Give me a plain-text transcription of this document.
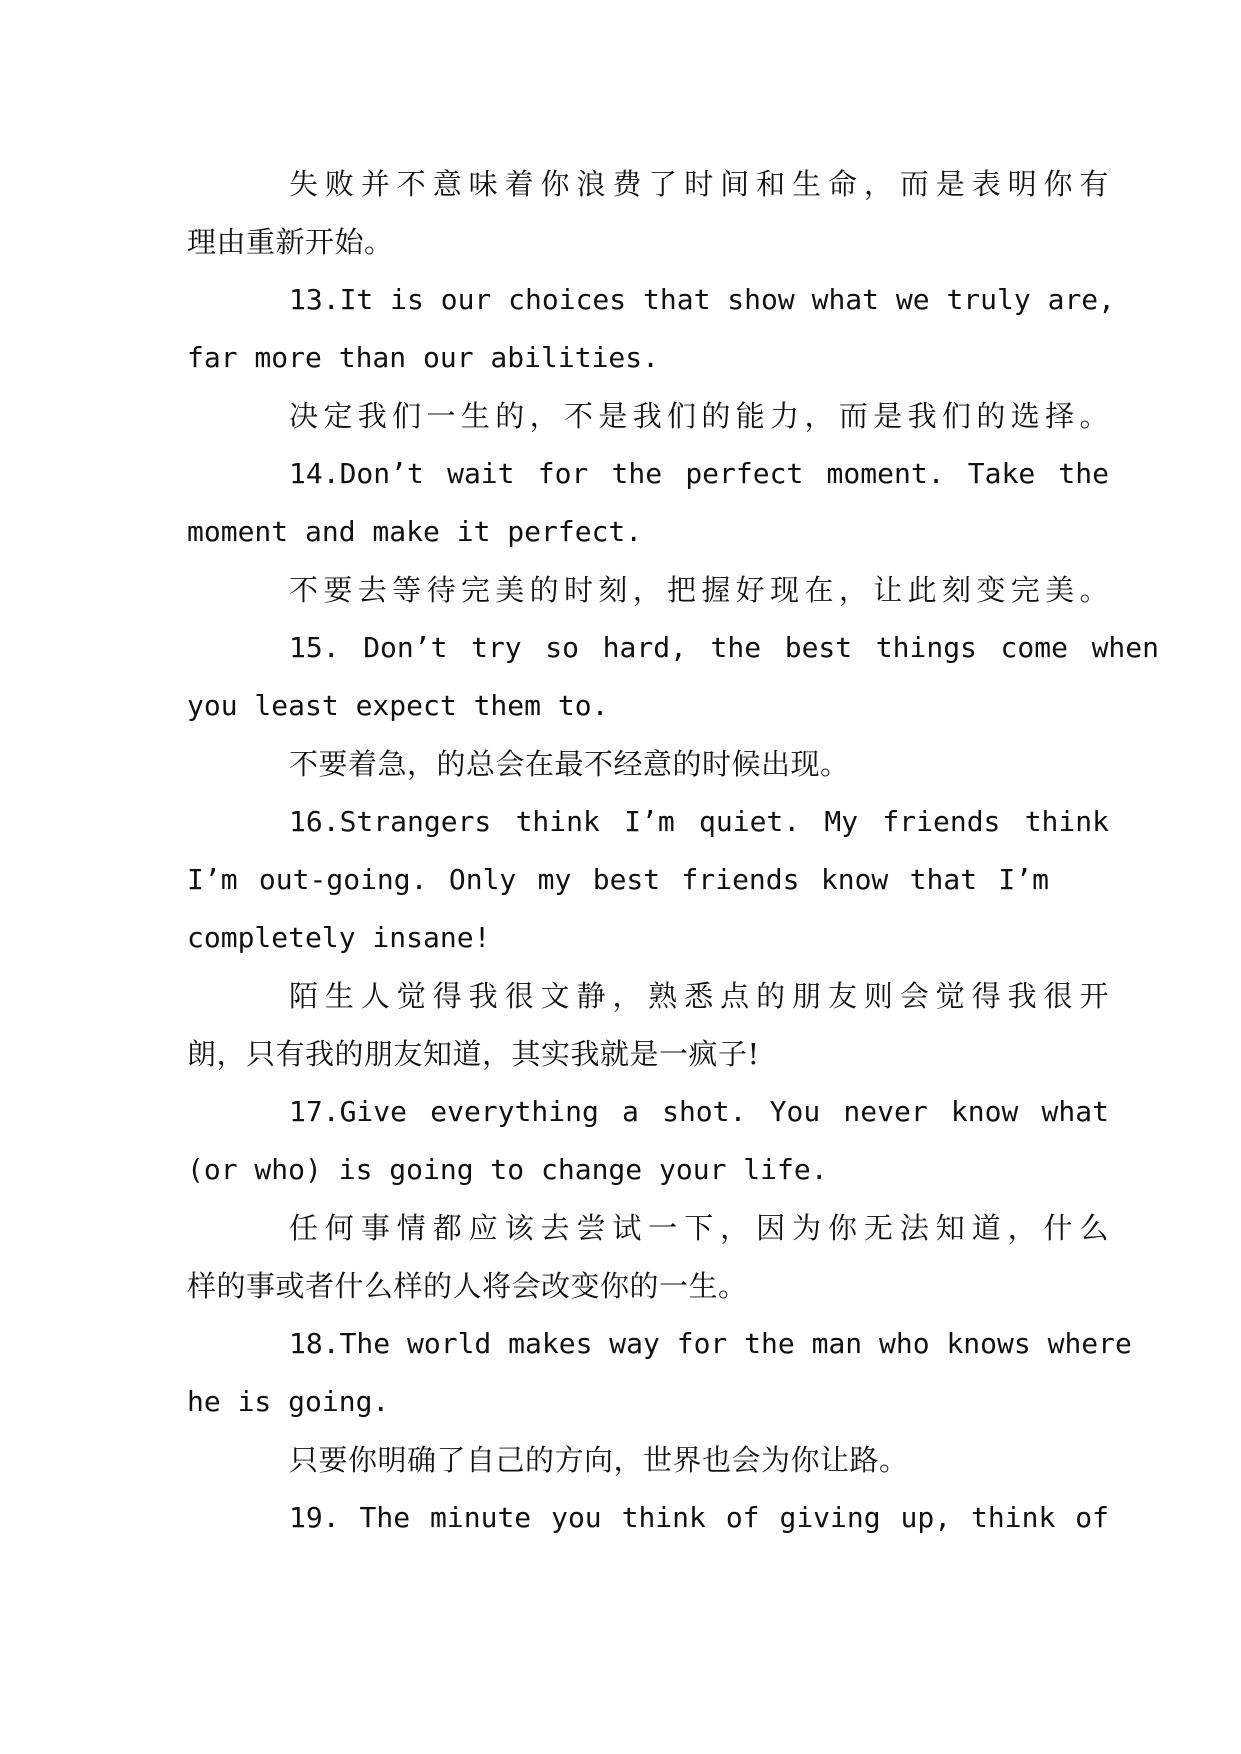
失败并不意味着你浪费了时间和生命，而是表明你有
理由重新开始。
13.It is our choices that show what we truly are,
far more than our abilities.
决定我们一生的，不是我们的能力，而是我们的选择。
14.Don’t wait for the perfect moment. Take the
moment and make it perfect.
不要去等待完美的时刻，把握好现在，让此刻变完美。
15. Don’t try so hard, the best things come when
you least expect them to.
不要着急，的总会在最不经意的时候出现。
16.Strangers think I’m quiet. My friends think
I’m out-going. Only my best friends know that I’m
completely insane!
陌生人觉得我很文静，熟悉点的朋友则会觉得我很开
朗，只有我的朋友知道，其实我就是一疯子!
17.Give everything a shot. You never know what
(or who) is going to change your life.
任何事情都应该去尝试一下，因为你无法知道，什么
样的事或者什么样的人将会改变你的一生。
18.The world makes way for the man who knows where
he is going.
只要你明确了自己的方向，世界也会为你让路。
19. The minute you think of giving up, think of
